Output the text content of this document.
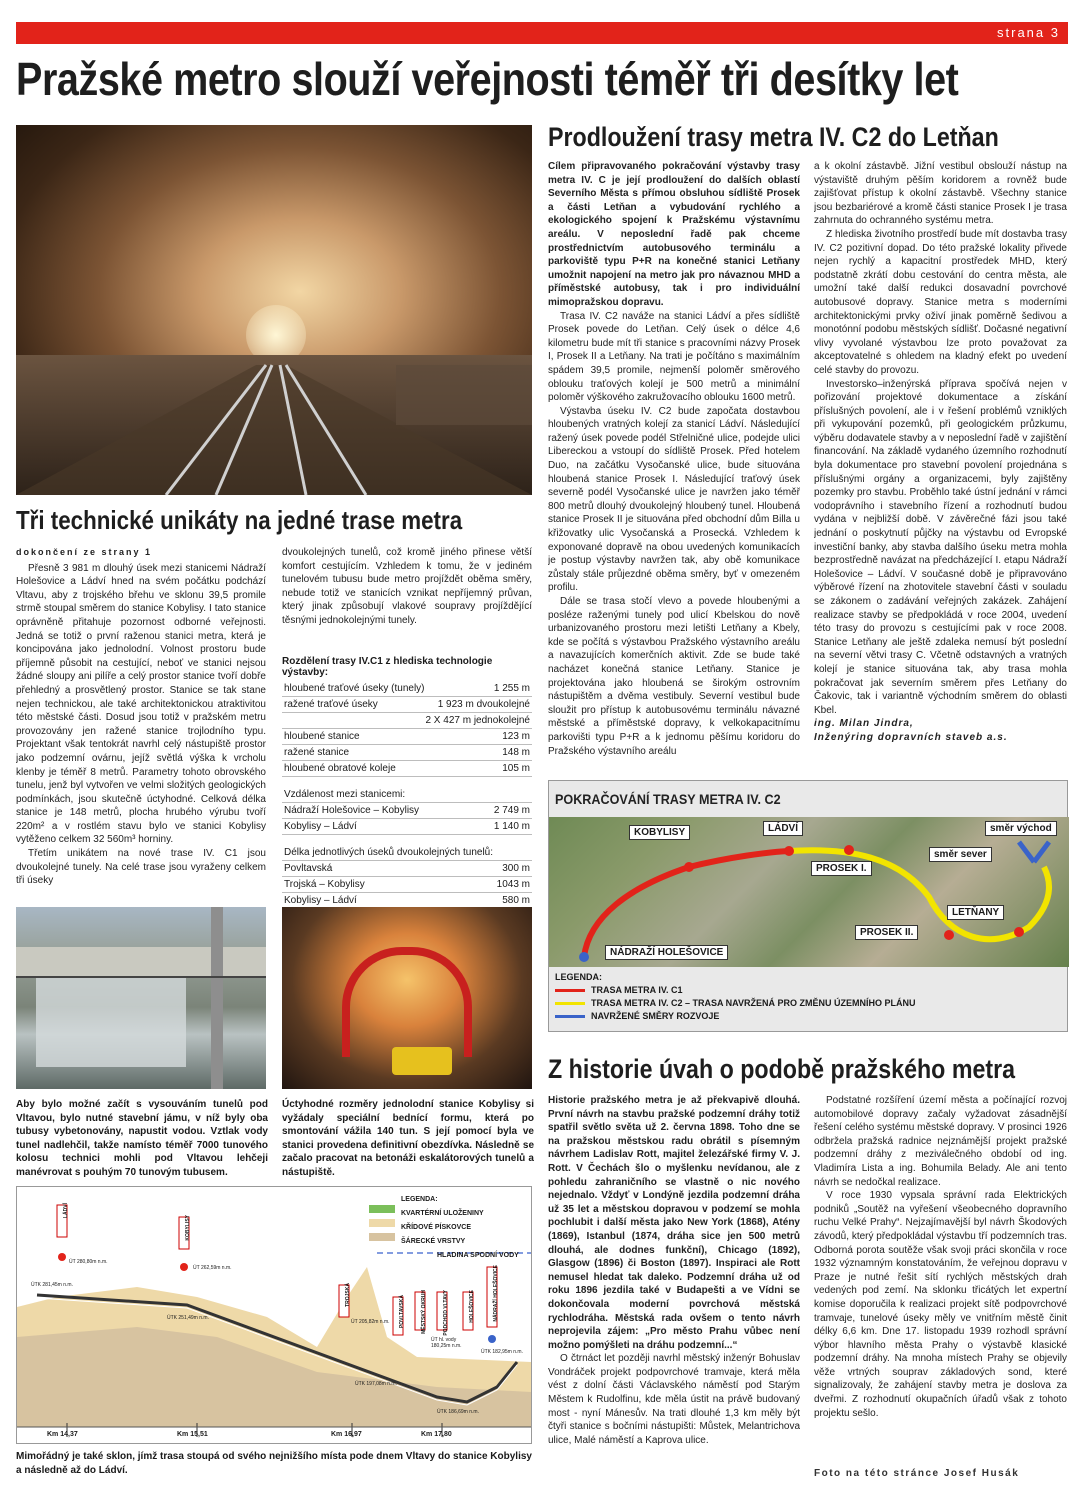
strana 3
Pražské metro slouží veřejnosti téměř tři desítky let
Tři technické unikáty na jedné trase metra

dokončení ze strany 1

Přesně 3 981 m dlouhý úsek mezi stanicemi Nádraží Holešovice a Ládví hned na svém počátku podchází Vltavu, aby z trojského břehu ve sklonu 39,5 promile strmě stoupal směrem do stanice Kobylisy. I tato stanice oprávněně přitahuje pozornost odborné veřejnosti. Jedná se totiž o první raženou stanici metra, která je koncipována jako jednolodní. Volnost prostoru bude příjemně působit na cestující, neboť ve stanici nejsou žádné sloupy ani pilíře a celý prostor stanice tvoří dobře přehledný a prosvětlený prostor. Stanice se tak stane nejen technickou, ale také architektonickou atraktivitou této městské části. Dosud jsou totiž v pražském metru provozovány jen ražené stanice trojlodního typu. Projektant však tentokrát navrhl celý nástupiště prostor jako podzemní ovárnu, jejíž světlá výška k vrcholu klenby je téměř 8 metrů. Parametry tohoto obrovského tunelu, jenž byl vytvořen ve velmi složitých geologických podmínkách, jsou skutečně úctyhodné. Celková délka stanice je 148 metrů, plocha hrubého výrubu tvoří 220m² a v rostlém stavu bylo ve stanici Kobylisy vytěženo celkem 32 560m³ horniny.

Třetím unikátem na nové trase IV. C1 jsou dvoukolejné tunely. Na celé trase jsou vyraženy celkem tři úseky

dvoukolejných tunelů, což kromě jiného přinese větší komfort cestujícím. Vzhledem k tomu, že v jediném tunelovém tubusu bude metro projíždět oběma směry, nebude totiž ve stanicích vznikat nepříjemný průvan, který jinak způsobují vlakové soupravy projíždějící těsnými jednokolejnými tunely.

Rozdělení trasy IV.C1 z hlediska technologie výstavby:
hloubené traťové úseky (tunely)	1 255 m
ražené traťové úseky	1 923 m dvoukolejné
2 X 427 m jednokolejné
hloubené stanice	123 m
ražené stanice	148 m
hloubené obratové koleje	105 m
Vzdálenost mezi stanicemi:
Nádraží Holešovice – Kobylisy	2 749 m
Kobylisy – Ládví	1 140 m
Délka jednotlivých úseků dvoukolejných tunelů:
Povltavská	300 m
Trojská – Kobylisy	1043 m
Kobylisy – Ládví	580 m
Aby bylo možné začít s vysouváním tunelů pod Vltavou, bylo nutné stavební jámu, v níž byly oba tubusy vybetonovány, napustit vodou. Vztlak vody tunel nadlehčil, takže namísto téměř 7000 tunového kolosu technici mohli pod Vltavou lehčeji manévrovat s pouhým 70 tunovým tubusem.
Úctyhodné rozměry jednolodní stanice Kobylisy si vyžádaly speciální bednící formu, která po smontování vážila 140 tun. S její pomocí byla ve stanici provedena definitivní obezdívka. Následně se začalo pracovat na betonáži eskalátorových tunelů a nástupiště.
LEGENDA:
KVARTÉRNÍ ULOŽENINY
KŘÍDOVÉ PÍSKOVCE
ŠÁRECKÉ VRSTVY
HLADINA SPODNÍ VODY
LÁDVÍ
KOBYLISY
TROJSKÁ
POVLTAVSKÁ	MĚSTSKÝ OKRUH	PODCHOD VLTAVY	HOLEŠOVICE	NÁDRAŽÍ HOLEŠOVICE
ÚT 280,80m n.m.
ÚT 262,59m n.m.
ÚTK 281,45m n.m.
ÚTK 251,49m n.m.
ÚT 205,82m n.m.
ÚTK 197,08m n.m.
ÚT hl. vody 180,25m n.m.
ÚTK 186,69m n.m.
ÚTK 182,95m n.m.
Km 14,37	Km 15,51	Km 16,97	Km 17,80
Mimořádný je také sklon, jímž trasa stoupá od svého nejnižšího místa pode dnem Vltavy do stanice Kobylisy a následně až do Ládví.
Prodloužení trasy metra IV. C2 do Letňan

Cílem připravovaného pokračování výstavby trasy metra IV. C je její prodloužení do dalších oblastí Severního Města s přímou obsluhou sídliště Prosek a části Letňan a vybudování rychlého a ekologického spojení k Pražskému výstavnímu areálu. V neposlední řadě pak chceme prostřednictvím autobusového terminálu a parkoviště typu P+R na konečné stanici Letňany umožnit napojení na metro jak pro návaznou MHD a příměstské autobusy, tak i pro individuální mimopražskou dopravu.

Trasa IV. C2 naváže na stanici Ládví a přes sídliště Prosek povede do Letňan. Celý úsek o délce 4,6 kilometru bude mít tři stanice s pracovními názvy Prosek I, Prosek II a Letňany. Na trati je počítáno s maximálním spádem 39,5 promile, nejmenší poloměr směrového oblouku traťových kolejí je 500 metrů a minimální poloměr výškového zakružovacího oblouku 1600 metrů.

Výstavba úseku IV. C2 bude započata dostavbou hloubených vratných kolejí za stanicí Ládví. Následující ražený úsek povede podél Střelničné ulice, podejde ulici Libereckou a vstoupí do sídliště Prosek. Před hotelem Duo, na začátku Vysočanské ulice, bude situována hloubená stanice Prosek I. Následující traťový úsek severně podél Vysočanské ulice je navržen jako téměř 800 metrů dlouhý dvoukolejný hloubený tunel. Hloubená stanice Prosek II je situována před obchodní dům Billa u křižovatky ulic Vysočanská a Prosecká. Vzhledem k exponované dopravě na obou uvedených komunikacích je postup výstavby navržen tak, aby obě komunikace zůstaly stále průjezdné oběma směry, byť v omezeném profilu.

Dále se trasa stočí vlevo a povede hloubenými a posléze raženými tunely pod ulicí Kbelskou do nově urbanizovaného prostoru mezi letišti Letňany a Kbely, kde se počítá s výstavbou Pražského výstavního areálu a navazujících komerčních aktivit. Zde se bude také nacházet konečná stanice Letňany. Stanice je projektována jako hloubená se širokým ostrovním nástupištěm a dvěma vestibuly. Severní vestibul bude sloužit pro přístup k autobusovému terminálu návazné městské a příměstské dopravy, k velkokapacitnímu parkovišti typu P+R a k jednomu pěšímu koridoru do Pražského výstavního areálu

a k okolní zástavbě. Jižní vestibul obslouží nástup na výstaviště druhým pěším koridorem a rovněž bude zajišťovat přístup k okolní zástavbě. Všechny stanice jsou bezbariérové a kromě části stanice Prosek I je trasa zahrnuta do ochranného systému metra.

Z hlediska životního prostředí bude mít dostavba trasy IV. C2 pozitivní dopad. Do této pražské lokality přivede nejen rychlý a kapacitní prostředek MHD, který podstatně zkrátí dobu cestování do centra města, ale umožní také další redukci dosavadní povrchové autobusové dopravy. Stanice metra s moderními architektonickými prvky oživí jinak poměrně šedivou a monotónní podobu městských sídlišť. Dočasné negativní vlivy vyvolané výstavbou lze proto považovat za akceptovatelné s ohledem na kladný efekt po uvedení celé stavby do provozu.

Investorsko–inženýrská příprava spočívá nejen v pořizování projektové dokumentace a získání příslušných povolení, ale i v řešení problémů vzniklých při vykupování pozemků, při geologickém průzkumu, výběru dodavatele stavby a v neposlední řadě v zajištění financování. Na základě vydaného územního rozhodnutí byla dokumentace pro stavební povolení projednána s příslušnými orgány a organizacemi, byly zajištěny pozemky pro stavbu. Proběhlo také ústní jednání v rámci vodoprávního i stavebního řízení a rozhodnutí budou vydána v nejbližší době. V závěrečné fázi jsou také jednání o poskytnutí půjčky na výstavbu od Evropské investiční banky, aby stavba dalšího úseku metra mohla bezprostředně navázat na předcházející I. etapu Nádraží Holešovice – Ládví. V současné době je připravováno výběrové řízení na zhotovitele stavební části v souladu se zákonem o zadávání veřejných zakázek. Zahájení realizace stavby se předpokládá v roce 2004, uvedení této trasy do provozu s cestujícími pak v roce 2008. Stanice Letňany ale ještě zdaleka nemusí být poslední na severní větvi trasy C. Včetně odstavných a vratných kolejí je stanice situována tak, aby trasa mohla pokračovat jak severním směrem přes Letňany do Čakovic, tak i variantně východním směrem do oblasti Kbel.

ing. Milan Jindra,

Inženýring dopravních staveb a.s.

POKRAČOVÁNÍ TRASY METRA IV. C2
KOBYLISY	LÁDVÍ
PROSEK I.
směr sever
směr východ
LETŇANY
PROSEK II.
NÁDRAŽÍ HOLEŠOVICE
LEGENDA:
TRASA METRA IV. C1
TRASA METRA IV. C2 – TRASA NAVRŽENÁ PRO ZMĚNU ÚZEMNÍHO PLÁNU
NAVRŽENÉ SMĚRY ROZVOJE
Z historie úvah o podobě pražského metra

Historie pražského metra je až překvapivě dlouhá. První návrh na stavbu pražské podzemní dráhy totiž spatřil světlo světa už 2. června 1898. Toho dne se na pražskou městskou radu obrátil s písemným návrhem Ladislav Rott, majitel železářské firmy V. J. Rott. V Čechách šlo o myšlenku nevídanou, ale z pohledu zahraničního se vlastně o nic nového nejednalo. Vždyť v Londýně jezdila podzemní dráha už 35 let a městskou dopravou v podzemí se mohla pochlubit i další města jako New York (1868), Atény (1869), Istanbul (1874, dráha sice jen 500 metrů dlouhá, ale dodnes funkční), Chicago (1892), Glasgow (1896) či Boston (1897). Inspiraci ale Rott nemusel hledat tak daleko. Podzemní dráha už od roku 1896 jezdila také v Budapešti a ve Vídni se dokončovala moderní povrchová městská rychlodráha. Městská rada ovšem o tento návrh neprojevila zájem: „Pro město Prahu vůbec není možno pomýšleti na dráhu podzemní...“

O čtrnáct let později navrhl městský inženýr Bohuslav Vondráček projekt podpovrchové tramvaje, která měla vést z dolní části Václavského náměstí pod Starým Městem k Rudolfinu, kde měla ústit na právě budovaný most - nyní Mánesův. Na trati dlouhé 1,3 km měly být čtyři stanice s bočními nástupišti: Můstek, Melantrichova ulice, Malé náměstí a Kaprova ulice.

Podstatné rozšíření území města a počínající rozvoj automobilové dopravy začaly vyžadovat zásadnější řešení celého systému městské dopravy. V prosinci 1926 odbržela pražská radnice nejznámější projekt pražské podzemní dráhy z meziválečného období od ing. Vladimíra Lista a ing. Bohumila Belady. Ale ani tento návrh se nedočkal realizace.

V roce 1930 vypsala správní rada Elektrických podniků „Soutěž na vyřešení všeobecného dopravního ruchu Velké Prahy“. Nejzajímavější byl návrh Škodových závodů, který předpokládal výstavbu tří podzemních tras. Odborná porota soutěže však svoji práci skončila v roce 1932 významným konstatováním, že veřejnou dopravu v Praze je nutné řešit sítí rychlých městských drah vedených pod zemí. Na sklonku třicátých let expertní komise doporučila k realizaci projekt sítě podpovrchové tramvaje, tunelové úseky měly ve vnitřním městě činit délky 6,6 km. Dne 17. listopadu 1939 rozhodl správní výbor hlavního města Prahy o výstavbě klasické podzemní dráhy. Na mnoha místech Prahy se objevily věže vrtných souprav základových sond, které signalizovaly, že zahájení stavby metra je doslova za dveřmi. Z rozhodnutí okupačních úřadů však z tohoto projektu sešlo.

Foto na této stránce Josef Husák
